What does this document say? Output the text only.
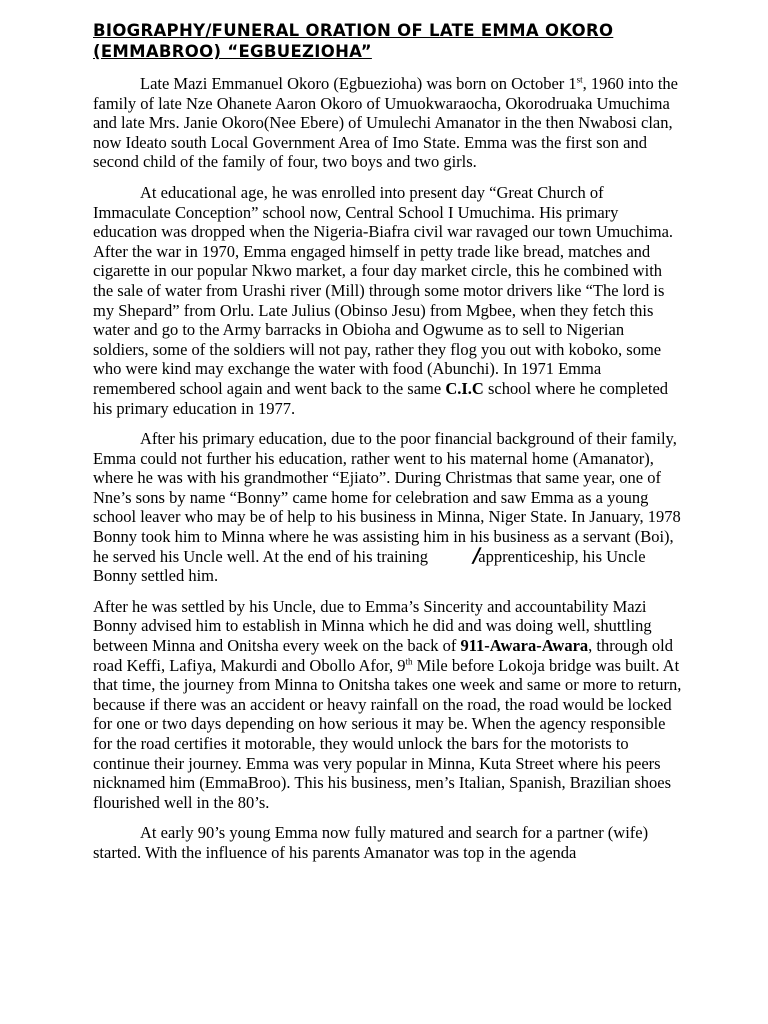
BIOGRAPHY/FUNERAL ORATION OF LATE EMMA OKORO
(EMMABROO) “EGBUEZIOHA”

Late Mazi Emmanuel Okoro (Egbuezioha) was born on October 1st, 1960 into the family of late Nze Ohanete Aaron Okoro of Umuokwaraocha, Okorodruaka Umuchima and late Mrs. Janie Okoro(Nee Ebere) of Umulechi Amanator in the then Nwabosi clan, now Ideato south Local Government Area of Imo State. Emma was the first son and second child of the family of four, two boys and two girls.

At educational age, he was enrolled into present day “Great Church of Immaculate Conception” school now, Central School I Umuchima. His primary education was dropped when the Nigeria-Biafra civil war ravaged our town Umuchima. After the war in 1970, Emma engaged himself in petty trade like bread, matches and cigarette in our popular Nkwo market, a four day market circle, this he combined with the sale of water from Urashi river (Mill) through some motor drivers like “The lord is my Shepard” from Orlu. Late Julius (Obinso Jesu) from Mgbee, when they fetch this water and go to the Army barracks in Obioha and Ogwume as to sell to Nigerian soldiers, some of the soldiers will not pay, rather they flog you out with koboko, some who were kind may exchange the water with food (Abunchi). In 1971 Emma remembered school again and went back to the same C.I.C school where he completed his primary education in 1977.

After his primary education, due to the poor financial background of their family, Emma could not further his education, rather went to his maternal home (Amanator), where he was with his grandmother “Ejiato”. During Christmas that same year, one of Nne’s sons by name “Bonny” came home for celebration and saw Emma as a young school leaver who may be of help to his business in Minna, Niger State. In January, 1978 Bonny took him to Minna where he was assisting him in his business as a servant (Boi), he served his Uncle well. At the end of his training /apprenticeship, his Uncle Bonny settled him.

After he was settled by his Uncle, due to Emma’s Sincerity and accountability Mazi Bonny advised him to establish in Minna which he did and was doing well, shuttling between Minna and Onitsha every week on the back of 911-Awara-Awara, through old road Keffi, Lafiya, Makurdi and Obollo Afor, 9th Mile before Lokoja bridge was built. At that time, the journey from Minna to Onitsha takes one week and same or more to return, because if there was an accident or heavy rainfall on the road, the road would be locked for one or two days depending on how serious it may be. When the agency responsible for the road certifies it motorable, they would unlock the bars for the motorists to continue their journey. Emma was very popular in Minna, Kuta Street where his peers nicknamed him (EmmaBroo). This his business, men’s Italian, Spanish, Brazilian shoes flourished well in the 80’s.

At early 90’s young Emma now fully matured and search for a partner (wife) started. With the influence of his parents Amanator was top in the agenda
